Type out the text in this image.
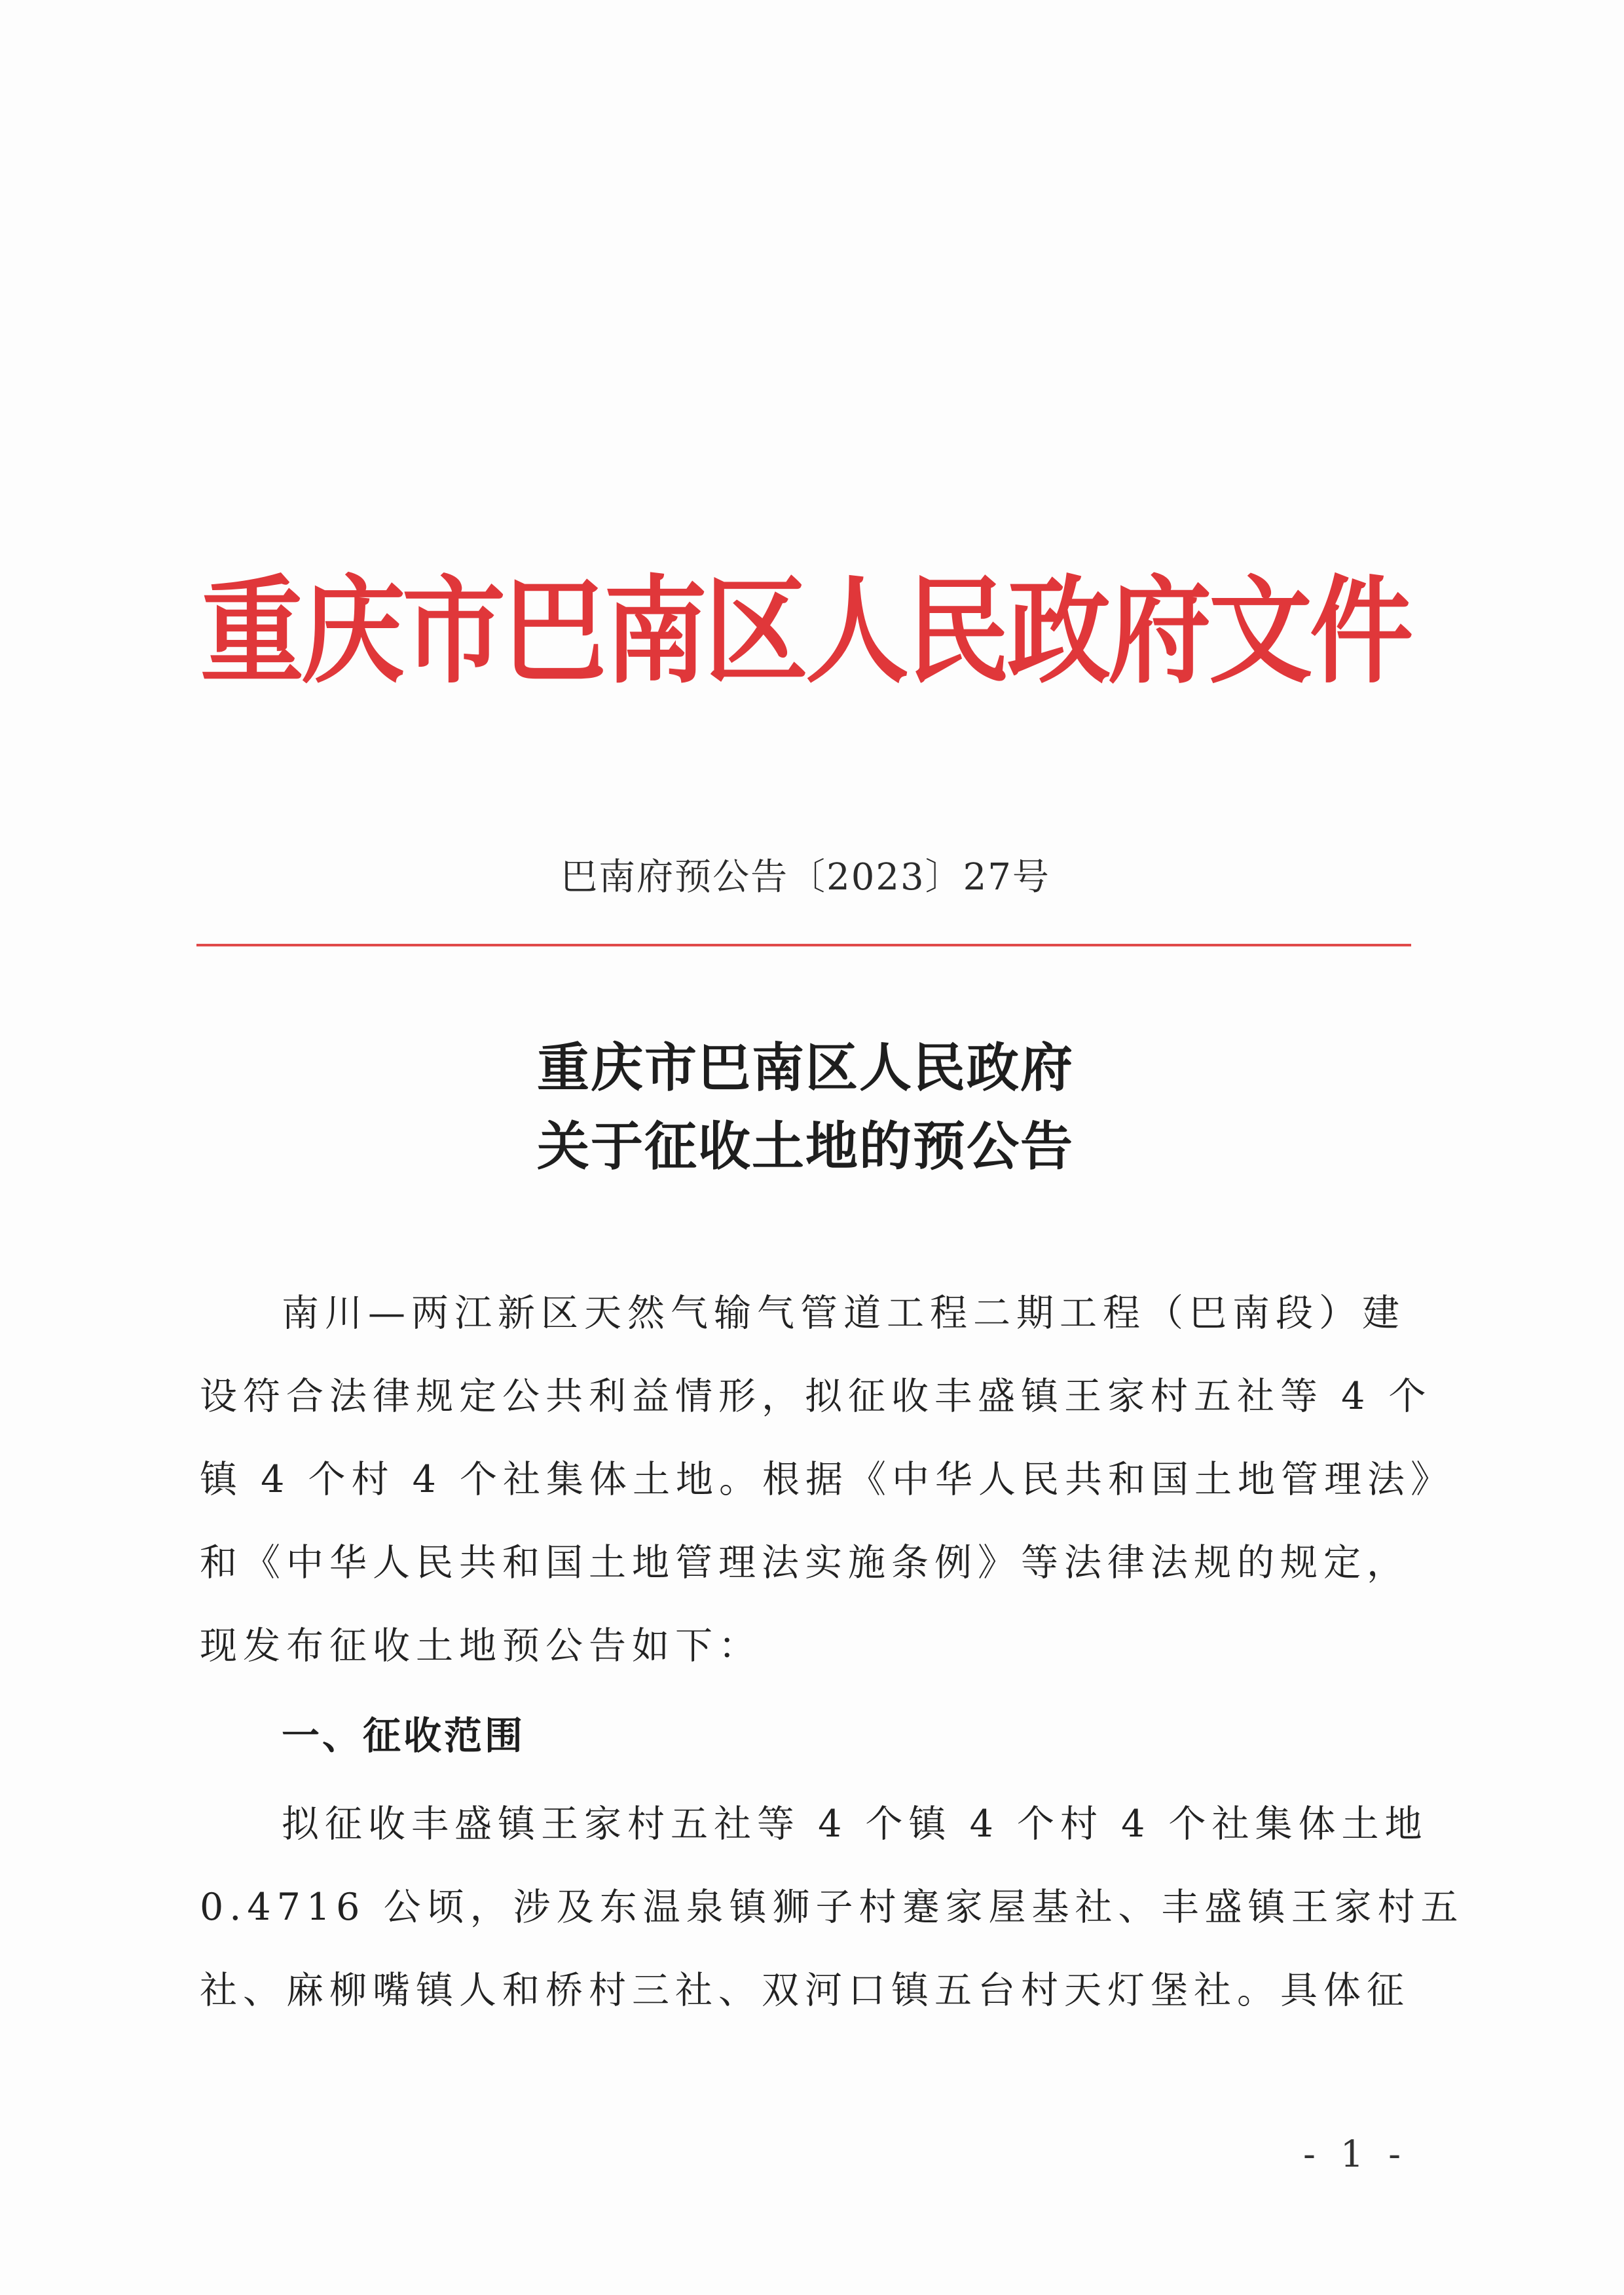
重庆市巴南区人民政府文件
巴南府预公告〔2023〕27号
重庆市巴南区人民政府
关于征收土地的预公告
南川—两江新区天然气输气管道工程二期工程（巴南段）建
设符合法律规定公共利益情形，拟征收丰盛镇王家村五社等 4 个
镇 4 个村 4 个社集体土地。根据《中华人民共和国土地管理法》
和《中华人民共和国土地管理法实施条例》等法律法规的规定，
现发布征收土地预公告如下：
一、征收范围
拟征收丰盛镇王家村五社等 4 个镇 4 个村 4 个社集体土地
0.4716 公顷，涉及东温泉镇狮子村蹇家屋基社、丰盛镇王家村五
社、麻柳嘴镇人和桥村三社、双河口镇五台村天灯堡社。具体征
- 1 -
